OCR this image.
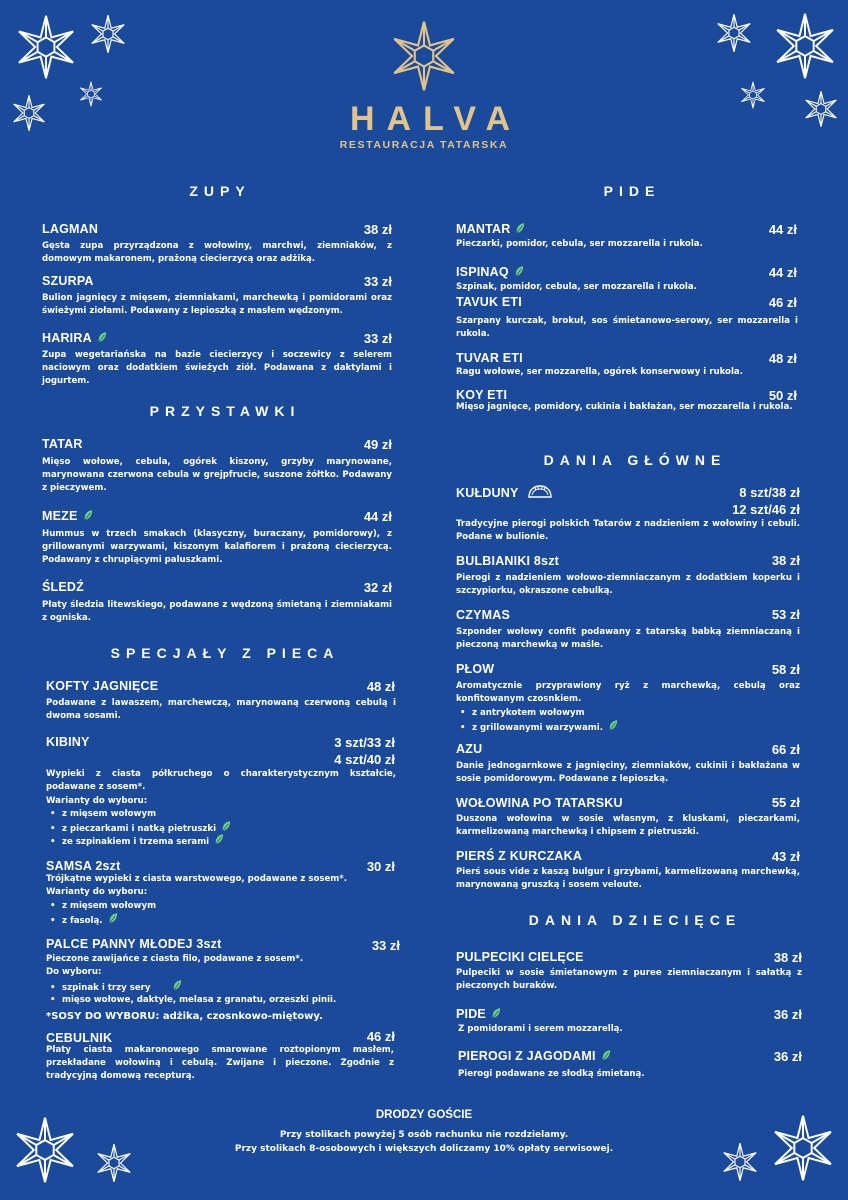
HALVA
RESTAURACJA TATARSKA
ZUPY
LAGMAN	38 zł
Gęsta zupa przyrządzona z wołowiny, marchwi, ziemniaków, z domowym makaronem, prażoną ciecierzycą oraz adżiką.
SZURPA	33 zł
Bulion jagnięcy z mięsem, ziemniakami, marchewką i pomidorami oraz świeżymi ziołami. Podawany z lepioszką z masłem wędzonym.
HARIRA	33 zł
Zupa wegetariańska na bazie ciecierzycy i soczewicy z selerem naciowym oraz dodatkiem świeżych ziół. Podawana z daktylami i jogurtem.
PRZYSTAWKI
TATAR	49 zł
Mięso wołowe, cebula, ogórek kiszony, grzyby marynowane, marynowana czerwona cebula w grejpfrucie, suszone żółtko. Podawany z pieczywem.
MEZE	44 zł
Hummus w trzech smakach (klasyczny, buraczany, pomidorowy), z grillowanymi warzywami, kiszonym kalafiorem i prażoną ciecierzycą. Podawany z chrupiącymi paluszkami.
ŚLEDŹ	32 zł
Płaty śledzia litewskiego, podawane z wędzoną śmietaną i ziemniakami z ogniska.
SPECJAŁY Z PIECA
KOFTY JAGNIĘCE	48 zł
Podawane z lawaszem, marchewczą, marynowaną czerwoną cebulą i dwoma sosami.
KIBINY	3 szt/33 zł
4 szt/40 zł
Wypieki z ciasta półkruchego o charakterystycznym kształcie, podawane z sosem*.
Warianty do wyboru:
• z mięsem wołowym
• z pieczarkami i natką pietruszki
• ze szpinakiem i trzema serami
SAMSA 2szt	30 zł
Trójkątne wypieki z ciasta warstwowego, podawane z sosem*.
Warianty do wyboru:
• z mięsem wołowym
• z fasolą.
PALCE PANNY MŁODEJ 3szt	33 zł
Pieczone zawijańce z ciasta filo, podawane z sosem*.
Do wyboru:
• szpinak i trzy sery
• mięso wołowe, daktyle, melasa z granatu, orzeszki pinii.
*SOSY DO WYBORU: adżika, czosnkowo-miętowy.
CEBULNIK	46 zł
Płaty ciasta makaronowego smarowane roztopionym masłem, przekładane wołowiną i cebulą. Zwijane i pieczone. Zgodnie z tradycyjną domową recepturą.
PIDE
MANTAR	44 zł
Pieczarki, pomidor, cebula, ser mozzarella i rukola.
ISPINAQ	44 zł
Szpinak, pomidor, cebula, ser mozzarella i rukola.
TAVUK ETI	46 zł
Szarpany kurczak, brokuł, sos śmietanowo-serowy, ser mozzarella i rukola.
TUVAR ETI	48 zł
Ragu wołowe, ser mozzarella, ogórek konserwowy i rukola.
KOY ETI	50 zł
Mięso jagnięce, pomidory, cukinia i bakłażan, ser mozzarella i rukola.
DANIA GŁÓWNE
KUŁDUNY	8 szt/38 zł
12 szt/46 zł
Tradycyjne pierogi polskich Tatarów z nadzieniem z wołowiny i cebuli. Podane w bulionie.
BULBIANIKI 8szt	38 zł
Pierogi z nadzieniem wołowo-ziemniaczanym z dodatkiem koperku i szczypiorku, okraszone cebulką.
CZYMAS	53 zł
Szponder wołowy confit podawany z tatarską babką ziemniaczaną i pieczoną marchewką w maśle.
PŁOW	58 zł
Aromatycznie przyprawiony ryż z marchewką, cebulą oraz konfitowanym czosnkiem.
• z antrykotem wołowym
• z grillowanymi warzywami.
AZU	66 zł
Danie jednogarnkowe z jagnięciny, ziemniaków, cukinii i bakłażana w sosie pomidorowym. Podawane z lepioszką.
WOŁOWINA PO TATARSKU	55 zł
Duszona wołowina w sosie własnym, z kluskami, pieczarkami, karmelizowaną marchewką i chipsem z pietruszki.
PIERŚ Z KURCZAKA	43 zł
Pierś sous vide z kaszą bulgur i grzybami, karmelizowaną marchewką, marynowaną gruszką i sosem veloute.
DANIA DZIECIĘCE
PULPECIKI CIELĘCE	38 zł
Pulpeciki w sosie śmietanowym z puree ziemniaczanym i sałatką z pieczonych buraków.
PIDE	36 zł
Z pomidorami i serem mozzarellą.
PIEROGI Z JAGODAMI	36 zł
Pierogi podawane ze słodką śmietaną.
DRODZY GOŚCIE
Przy stolikach powyżej 5 osób rachunku nie rozdzielamy.
Przy stolikach 8-osobowych i większych doliczamy 10% opłaty serwisowej.
